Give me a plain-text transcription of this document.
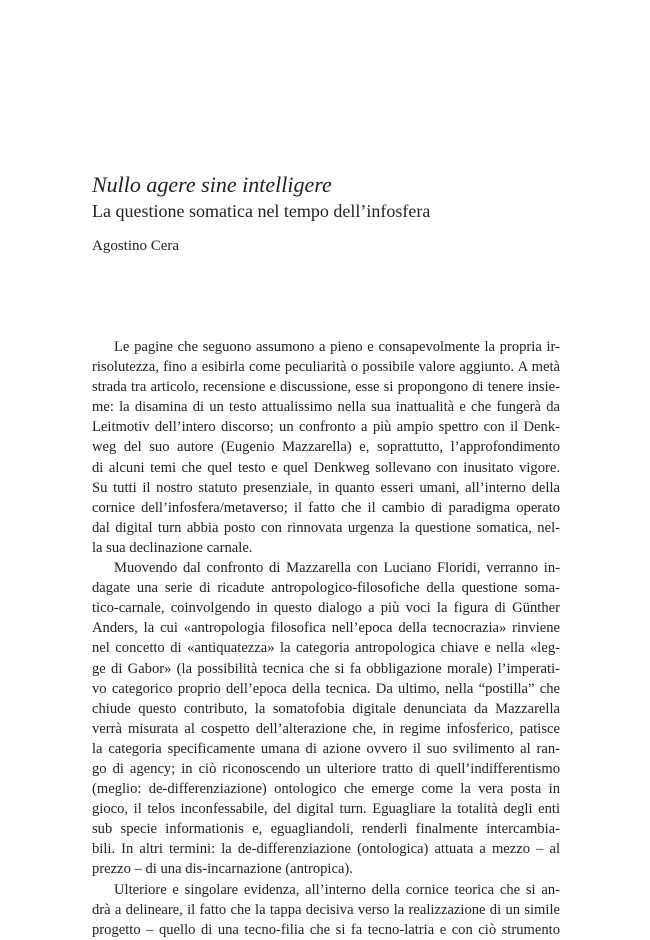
Nullo agere sine intelligere
La questione somatica nel tempo dell’infosfera
Agostino Cera
Le pagine che seguono assumono a pieno e consapevolmente la propria ir-
risolutezza, fino a esibirla come peculiarità o possibile valore aggiunto. A metà
strada tra articolo, recensione e discussione, esse si propongono di tenere insie-
me: la disamina di un testo attualissimo nella sua inattualità e che fungerà da
Leitmotiv dell’intero discorso; un confronto a più ampio spettro con il Denk-
weg del suo autore (Eugenio Mazzarella) e, soprattutto, l’approfondimento
di alcuni temi che quel testo e quel Denkweg sollevano con inusitato vigore.
Su tutti il nostro statuto presenziale, in quanto esseri umani, all’interno della
cornice dell’infosfera/metaverso; il fatto che il cambio di paradigma operato
dal digital turn abbia posto con rinnovata urgenza la questione somatica, nel-
la sua declinazione carnale.
Muovendo dal confronto di Mazzarella con Luciano Floridi, verranno in-
dagate una serie di ricadute antropologico-filosofiche della questione soma-
tico-carnale, coinvolgendo in questo dialogo a più voci la figura di Günther
Anders, la cui «antropologia filosofica nell’epoca della tecnocrazia» rinviene
nel concetto di «antiquatezza» la categoria antropologica chiave e nella «leg-
ge di Gabor» (la possibilità tecnica che si fa obbligazione morale) l’imperati-
vo categorico proprio dell’epoca della tecnica. Da ultimo, nella “postilla” che
chiude questo contributo, la somatofobia digitale denunciata da Mazzarella
verrà misurata al cospetto dell’alterazione che, in regime infosferico, patisce
la categoria specificamente umana di azione ovvero il suo svilimento al ran-
go di agency; in ciò riconoscendo un ulteriore tratto di quell’indifferentismo
(meglio: de-differenziazione) ontologico che emerge come la vera posta in
gioco, il telos inconfessabile, del digital turn. Eguagliare la totalità degli enti
sub specie informationis e, eguagliandoli, renderli finalmente intercambia-
bili. In altri termini: la de-differenziazione (ontologica) attuata a mezzo – al
prezzo – di una dis-incarnazione (antropica).
Ulteriore e singolare evidenza, all’interno della cornice teorica che si an-
drà a delineare, il fatto che la tappa decisiva verso la realizzazione di un simile
progetto – quello di una tecno-filia che si fa tecno-latria e con ciò strumento
